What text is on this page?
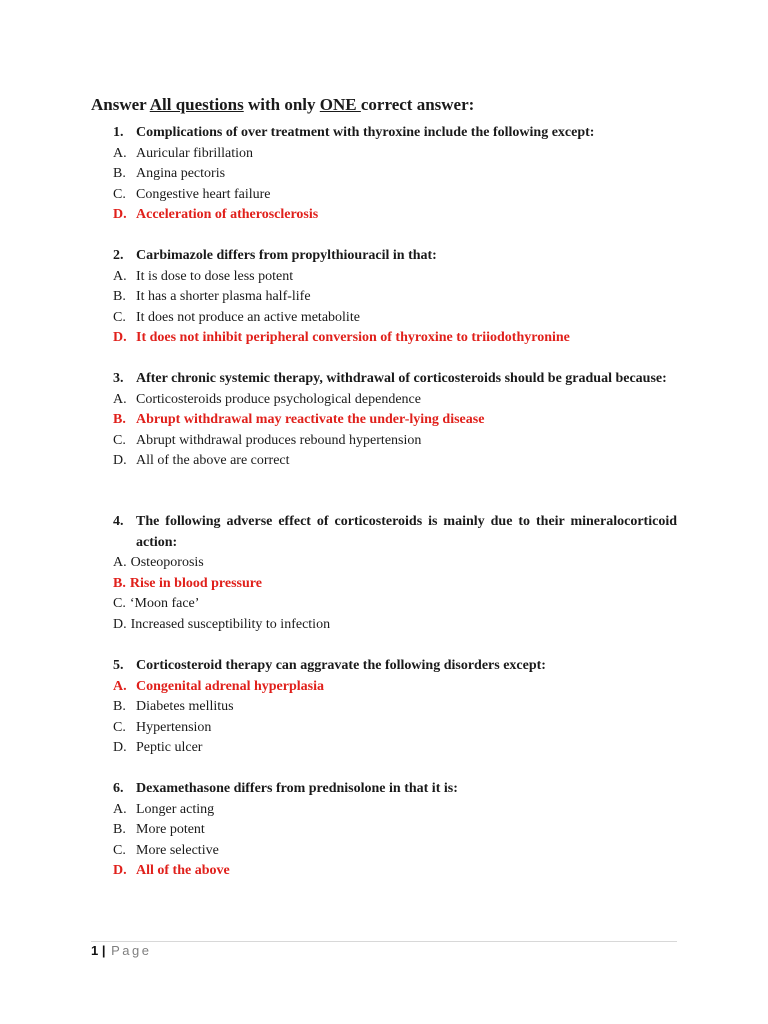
Answer All questions with only ONE correct answer:
1. Complications of over treatment with thyroxine include the following except:
A. Auricular fibrillation
B. Angina pectoris
C. Congestive heart failure
D. Acceleration of atherosclerosis
2. Carbimazole differs from propylthiouracil in that:
A. It is dose to dose less potent
B. It has a shorter plasma half-life
C. It does not produce an active metabolite
D. It does not inhibit peripheral conversion of thyroxine to triiodothyronine
3. After chronic systemic therapy, withdrawal of corticosteroids should be gradual because:
A. Corticosteroids produce psychological dependence
B. Abrupt withdrawal may reactivate the under-lying disease
C. Abrupt withdrawal produces rebound hypertension
D. All of the above are correct
4. The following adverse effect of corticosteroids is mainly due to their mineralocorticoid action:
A. Osteoporosis
B. Rise in blood pressure
C. ‘Moon face’
D. Increased susceptibility to infection
5. Corticosteroid therapy can aggravate the following disorders except:
A. Congenital adrenal hyperplasia
B. Diabetes mellitus
C. Hypertension
D. Peptic ulcer
6. Dexamethasone differs from prednisolone in that it is:
A. Longer acting
B. More potent
C. More selective
D. All of the above
1 | Page
